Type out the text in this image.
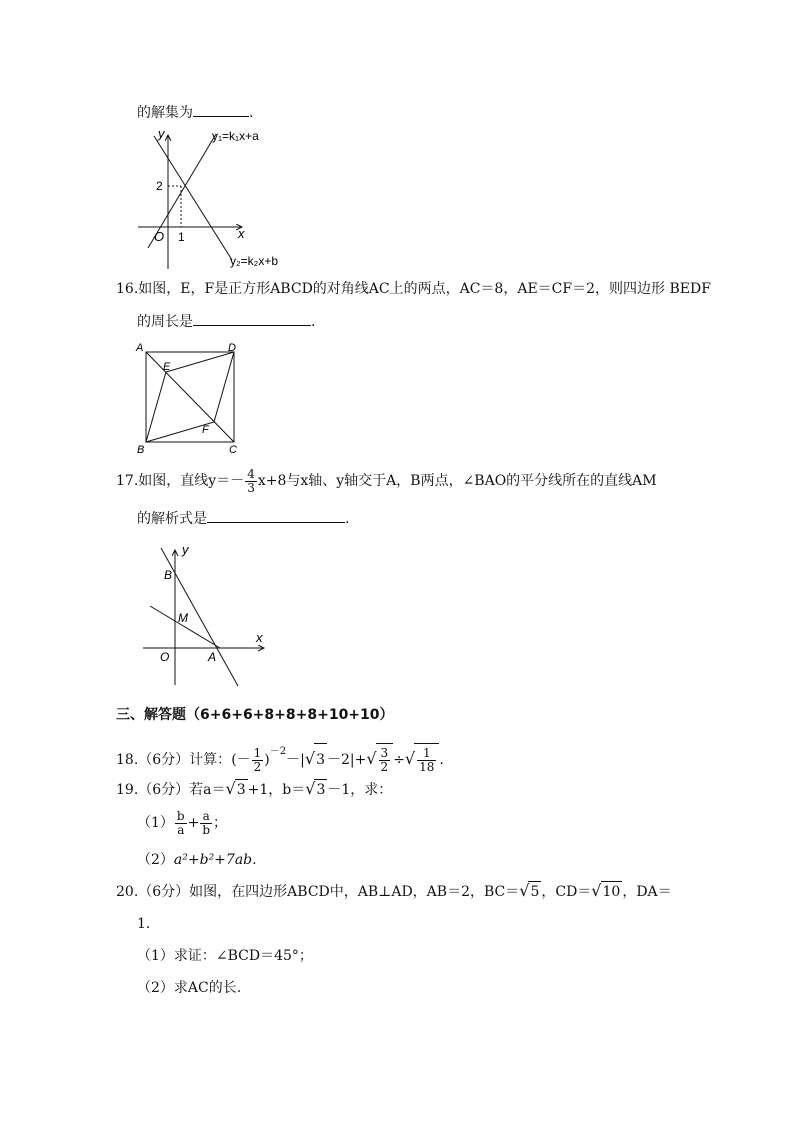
的解集为	.
y
x
O
2
1
y₁=k₁x+a
y₂=k₂x+b
16.如图，E，F是正方形ABCD的对角线AC上的两点，AC＝8，AE＝CF＝2，则四边形 BEDF
的周长是	.
A	D
B	C
E
F
17.如图，直线$y=- \frac{4}{3} x+8$与x轴、y轴交于A，B两点，∠BAO的平分线所在的直线AM
的解析式是	.
y
x
O	A
B
M
三、解答题（6+6+6+8+8+8+10+10）
18.（6分）计算：(－ $\frac{1}{2} )^{-2}-|√3 -2|+√ \frac{3}{2}$ ÷√ $\frac{1}{18}$ .
19.（6分）若a＝√3 +1，b＝√3 －1，求：
$(1) \frac{b}{a} + \frac{a}{b}$ ；
（2）a²+b²+7ab.
20.（6分）如图，在四边形ABCD中，AB⊥AD，AB＝2，BC＝√5 ，CD＝√10 ，DA＝
1.
（1）求证：∠BCD＝45°；
（2）求AC的长.
